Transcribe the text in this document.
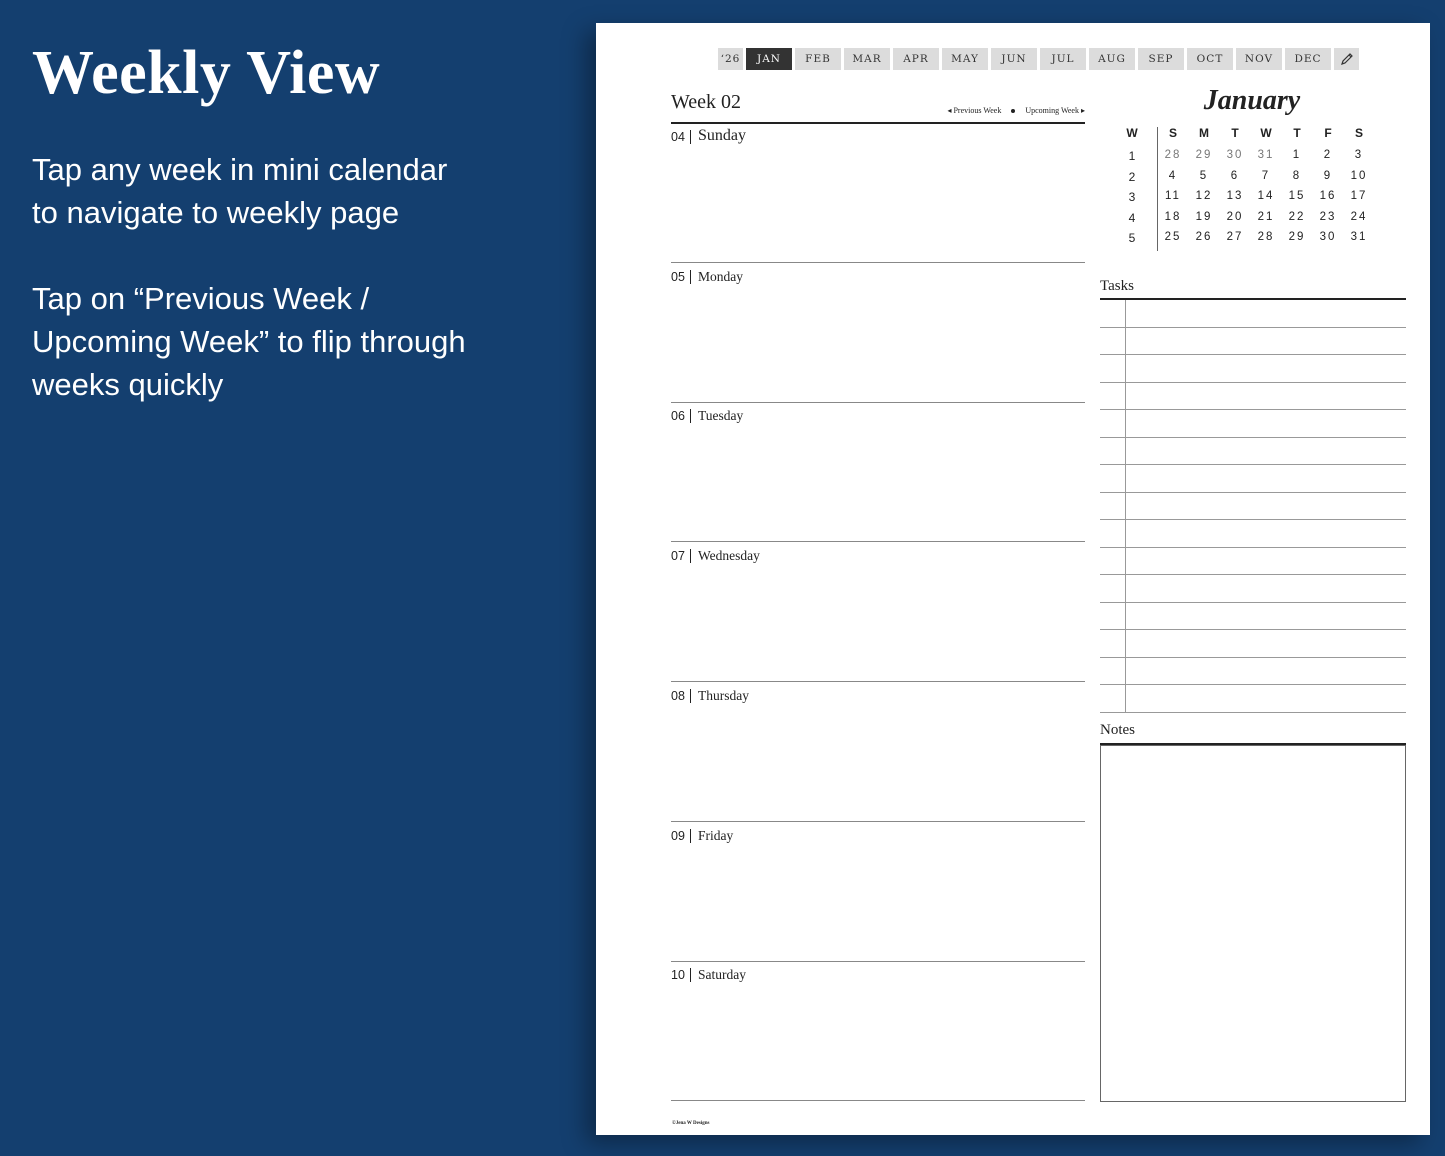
Weekly View

Tap any week in mini calendar
to navigate to weekly page

Tap on “Previous Week /
Upcoming Week” to flip through
weeks quickly

‘26	JAN	FEB	MAR	APR	MAY	JUN	JUL	AUG	SEP	OCT	NOV	DEC
Week 02	◂ Previous Week	Upcoming Week ▸
04 Sunday
05 Monday
06 Tuesday
07 Wednesday
08 Thursday
09 Friday
10 Saturday
January
W	S	M	T	W	T	F	S
1	28	29	30	31	1	2	3
2	4	5	6	7	8	9	10
3	11	12	13	14	15	16	17
4	18	19	20	21	22	23	24
5	25	26	27	28	29	30	31
Tasks
Notes
©Jena W Designs
